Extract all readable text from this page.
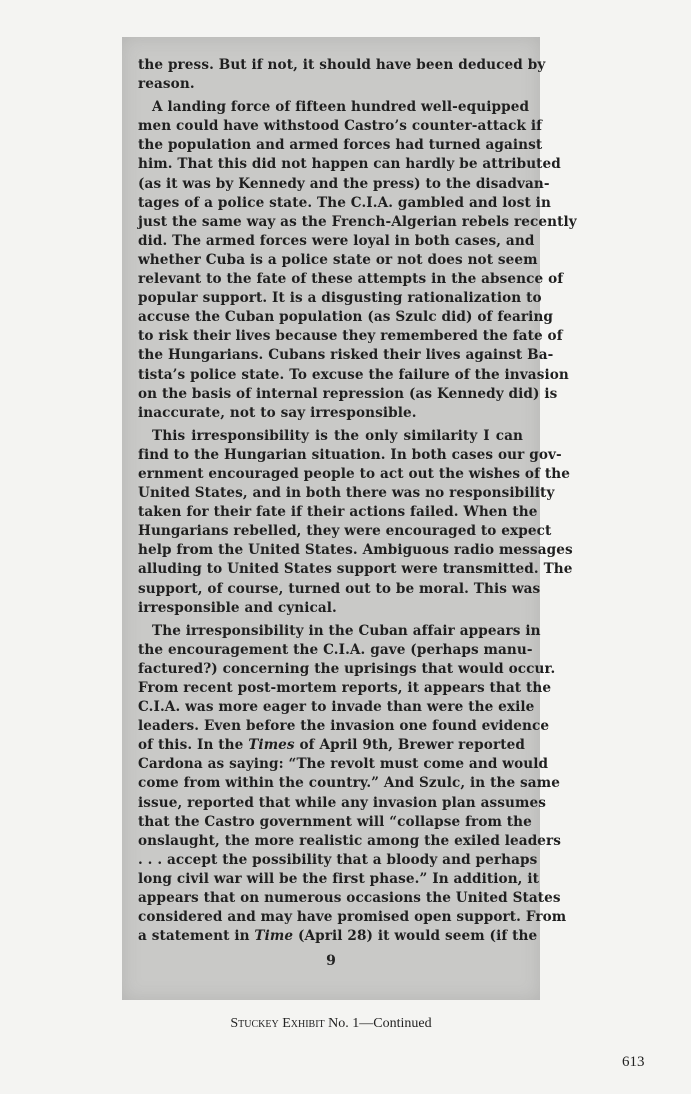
the press. But if not, it should have been deduced by
reason.
A landing force of fifteen hundred well-equipped
men could have withstood Castro’s counter-attack if
the population and armed forces had turned against
him. That this did not happen can hardly be attributed
(as it was by Kennedy and the press) to the disadvan-
tages of a police state. The C.I.A. gambled and lost in
just the same way as the French-Algerian rebels recently
did. The armed forces were loyal in both cases, and
whether Cuba is a police state or not does not seem
relevant to the fate of these attempts in the absence of
popular support. It is a disgusting rationalization to
accuse the Cuban population (as Szulc did) of fearing
to risk their lives because they remembered the fate of
the Hungarians. Cubans risked their lives against Ba-
tista’s police state. To excuse the failure of the invasion
on the basis of internal repression (as Kennedy did) is
inaccurate, not to say irresponsible.
This irresponsibility is the only similarity I can
find to the Hungarian situation. In both cases our gov-
ernment encouraged people to act out the wishes of the
United States, and in both there was no responsibility
taken for their fate if their actions failed. When the
Hungarians rebelled, they were encouraged to expect
help from the United States. Ambiguous radio messages
alluding to United States support were transmitted. The
support, of course, turned out to be moral. This was
irresponsible and cynical.
The irresponsibility in the Cuban affair appears in
the encouragement the C.I.A. gave (perhaps manu-
factured?) concerning the uprisings that would occur.
From recent post-mortem reports, it appears that the
C.I.A. was more eager to invade than were the exile
leaders. Even before the invasion one found evidence
of this. In the Times of April 9th, Brewer reported
Cardona as saying: “The revolt must come and would
come from within the country.” And Szulc, in the same
issue, reported that while any invasion plan assumes
that the Castro government will “collapse from the
onslaught, the more realistic among the exiled leaders
. . . accept the possibility that a bloody and perhaps
long civil war will be the first phase.” In addition, it
appears that on numerous occasions the United States
considered and may have promised open support. From
a statement in Time (April 28) it would seem (if the
9
Stuckey Exhibit No. 1—Continued
613
